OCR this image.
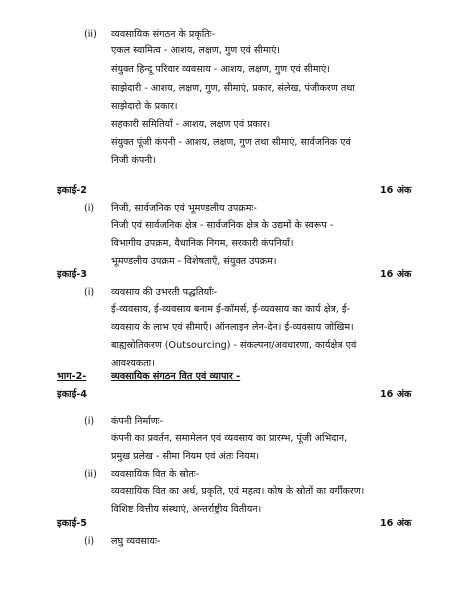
(ii) व्यवसायिक संगठन के प्रकृतिः-
एकल स्वामित्व - आशय, लक्षण, गुण एवं सीमाएं।
संयुक्त हिन्दू परिवार व्यवसाय - आशय, लक्षण, गुण एवं सीमाएं।
साझेदारी - आशय, लक्षण, गुण, सीमाएं, प्रकार, संलेख, पंजीकरण तथा
साझेदारो के प्रकार।
सहकारी समितियाँ - आशय, लक्षण एवं प्रकार।
संयुक्त पूंजी कंपनी - आशय, लक्षण, गुण तथा सीमाएं, सार्वजनिक एवं
निजी कंपनी।
इकाई-2	16 अंक
(i) निजी, सार्वजनिक एवं भूमण्डलीय उपक्रमः-
निजी एवं सार्वजनिक क्षेत्र - सार्वजनिक क्षेत्र के उद्यमों के स्वरूप -
विभागीय उपक्रम, वैधानिक निगम, सरकारी कंपनियाँ।
भूमण्डलीय उपक्रम - विशेषताएँ, संयुक्त उपक्रम।
इकाई-3	16 अंक
(i) व्यवसाय की उभरती पद्धतियाँः-
ई-व्यवसाय, ई-व्यवसाय बनाम ई-कॉमर्स, ई-व्यवसाय का कार्य क्षेत्र, ई-
व्यवसाय के लाभ एवं सीमाएँ। ऑनलाइन लेन-देन। ई-व्यवसाय जोखिम।
बाह्यस्रोतिकरण (Outsourcing) - संकल्पना/अवधारणा, कार्यक्षेत्र एवं
आवश्यकता।
भाग-2-	व्यवसायिक संगठन वित एवं व्यापार -
इकाई-4	16 अंक
(i) कंपनी निर्माणः-
कंपनी का प्रवर्तन, समामेलन एवं व्यवसाय का प्रारम्भ, पूंजी अभिदान,
प्रमुख प्रलेख - सीमा नियम एवं अंतः नियम।
(ii) व्यवसायिक वित के स्रोतः-
व्यवसायिक वित का अर्थ, प्रकृति, एवं महत्व। कोष के स्रोतों का वर्गीकरण।
विशिष्ट वित्तीय संस्थाएं, अन्तर्राष्ट्रीय वितीयन।
इकाई-5	16 अंक
(i) लघु व्यवसायः-
